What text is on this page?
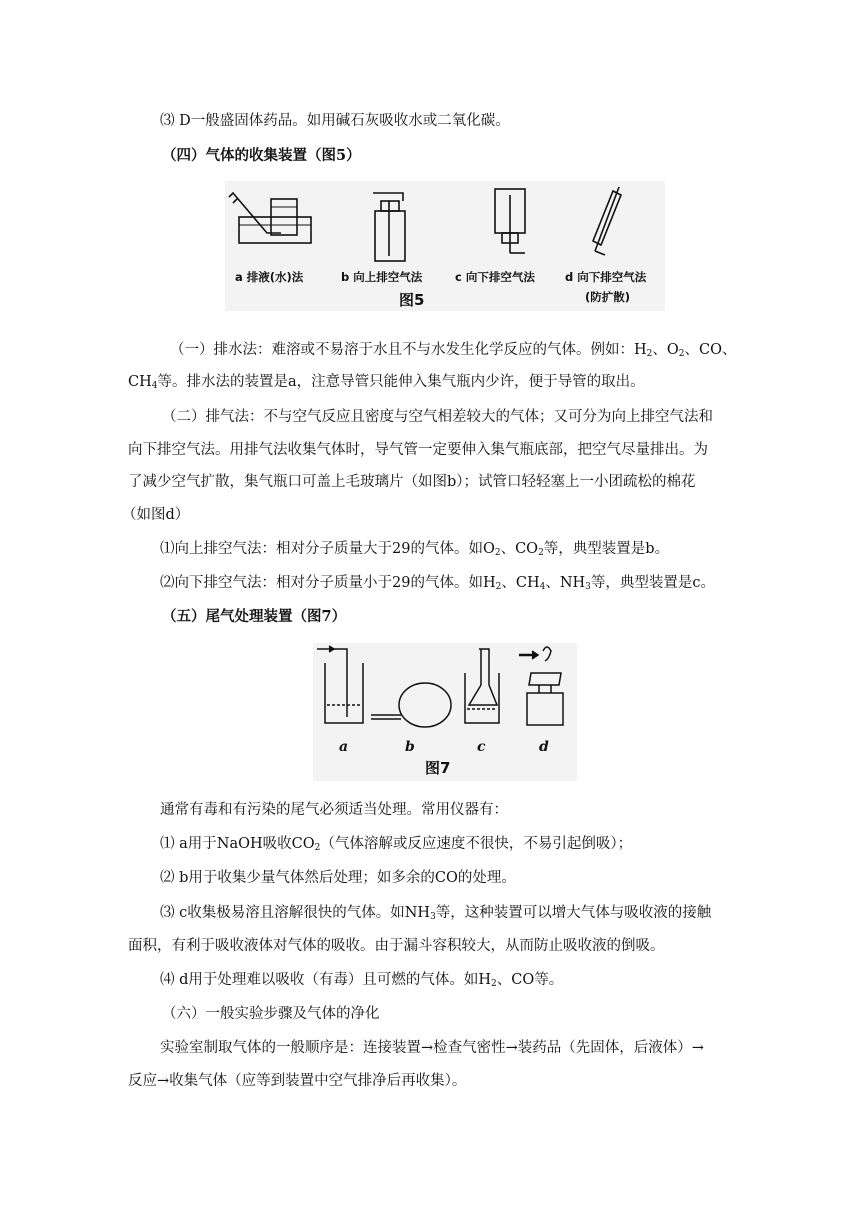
⑶ D一般盛固体药品。如用碱石灰吸收水或二氧化碳。
（四）气体的收集装置（图5）
a 排液(水)法	b 向上排空气法	c 向下排空气法	d 向下排空气法
(防扩散)
图5
（一）排水法：难溶或不易溶于水且不与水发生化学反应的气体。例如：$H_2$、$O_2$、CO、
$CH_4$等。排水法的装置是a，注意导管只能伸入集气瓶内少许，便于导管的取出。
（二）排气法：不与空气反应且密度与空气相差较大的气体；又可分为向上排空气法和
向下排空气法。用排气法收集气体时，导气管一定要伸入集气瓶底部，把空气尽量排出。为
了减少空气扩散，集气瓶口可盖上毛玻璃片（如图b）；试管口轻轻塞上一小团疏松的棉花
（如图d）
⑴向上排空气法：相对分子质量大于29的气体。如$O_2$、$CO_2$等，典型装置是b。
⑵向下排空气法：相对分子质量小于29的气体。如$H_2$、$CH_4$、$NH_3$等，典型装置是c。
（五）尾气处理装置（图7）
a	b	c	d
图7
通常有毒和有污染的尾气必须适当处理。常用仪器有：
⑴ a用于NaOH吸收$CO_2$（气体溶解或反应速度不很快，不易引起倒吸）；
⑵ b用于收集少量气体然后处理；如多余的CO的处理。
⑶ c收集极易溶且溶解很快的气体。如$NH_3$等，这种装置可以增大气体与吸收液的接触
面积，有利于吸收液体对气体的吸收。由于漏斗容积较大，从而防止吸收液的倒吸。
⑷ d用于处理难以吸收（有毒）且可燃的气体。如$H_2$、CO等。
（六）一般实验步骤及气体的净化
实验室制取气体的一般顺序是：连接装置→检查气密性→装药品（先固体，后液体）→
反应→收集气体（应等到装置中空气排净后再收集）。
